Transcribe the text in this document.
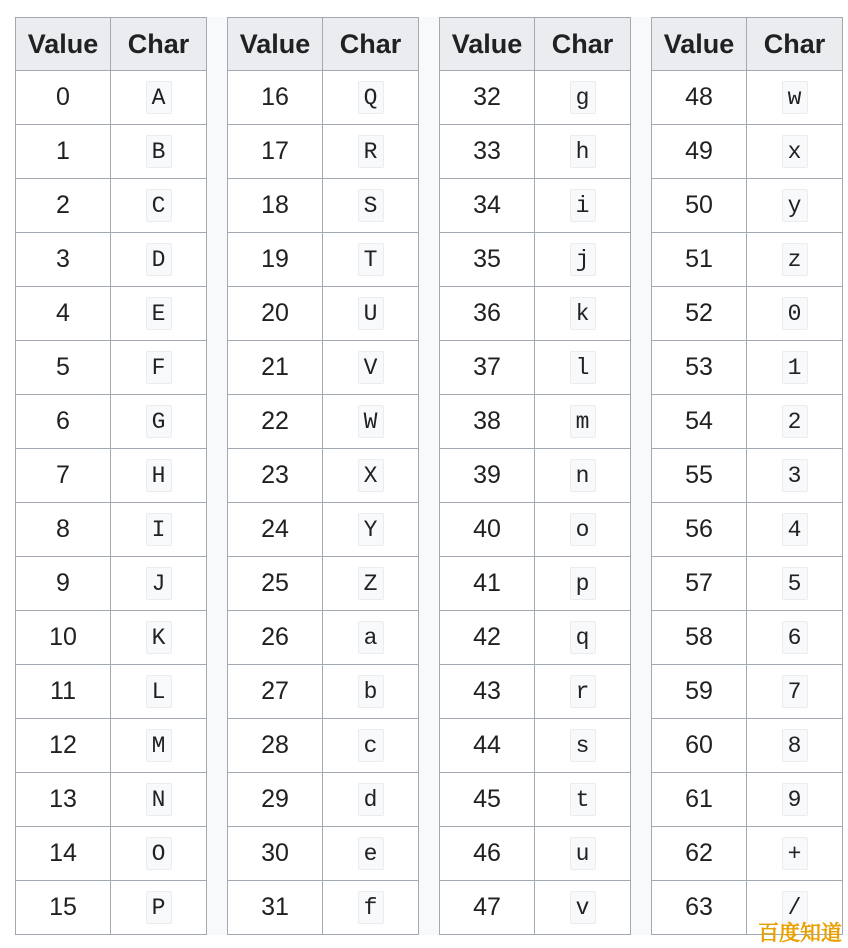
Value	Char
0	A
1	B
2	C
3	D
4	E
5	F
6	G
7	H
8	I
9	J
10	K
11	L
12	M
13	N
14	O
15	P
Value	Char
16	Q
17	R
18	S
19	T
20	U
21	V
22	W
23	X
24	Y
25	Z
26	a
27	b
28	c
29	d
30	e
31	f
Value	Char
32	g
33	h
34	i
35	j
36	k
37	l
38	m
39	n
40	o
41	p
42	q
43	r
44	s
45	t
46	u
47	v
Value	Char
48	w
49	x
50	y
51	z
52	0
53	1
54	2
55	3
56	4
57	5
58	6
59	7
60	8
61	9
62	+
63	/
百度知道
